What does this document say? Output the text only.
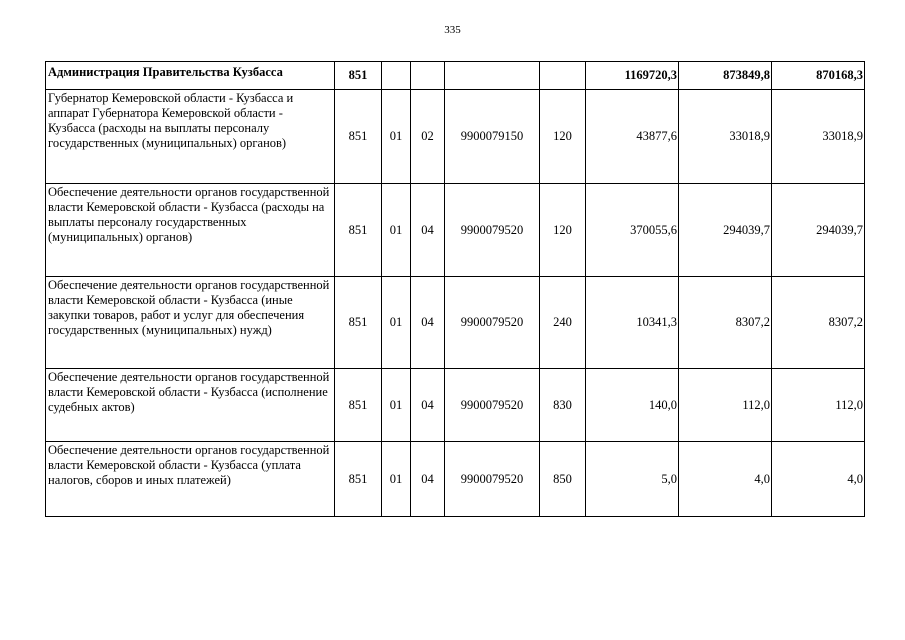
335
Администрация Правительства Кузбасса	851					1169720,3	873849,8	870168,3
Губернатор Кемеровской области - Кузбасса и аппарат Губернатора Кемеровской области - Кузбасса (расходы на выплаты персоналу государственных (муниципальных) органов)	851	01	02	9900079150	120	43877,6	33018,9	33018,9
Обеспечение деятельности органов государственной власти Кемеровской области - Кузбасса (расходы на выплаты персоналу государственных (муниципальных) органов)	851	01	04	9900079520	120	370055,6	294039,7	294039,7
Обеспечение деятельности органов государственной власти Кемеровской области - Кузбасса (иные закупки товаров, работ и услуг для обеспечения государственных (муниципальных) нужд)	851	01	04	9900079520	240	10341,3	8307,2	8307,2
Обеспечение деятельности органов государственной власти Кемеровской области - Кузбасса (исполнение судебных актов)	851	01	04	9900079520	830	140,0	112,0	112,0
Обеспечение деятельности органов государственной власти Кемеровской области - Кузбасса (уплата налогов, сборов и иных платежей)	851	01	04	9900079520	850	5,0	4,0	4,0
